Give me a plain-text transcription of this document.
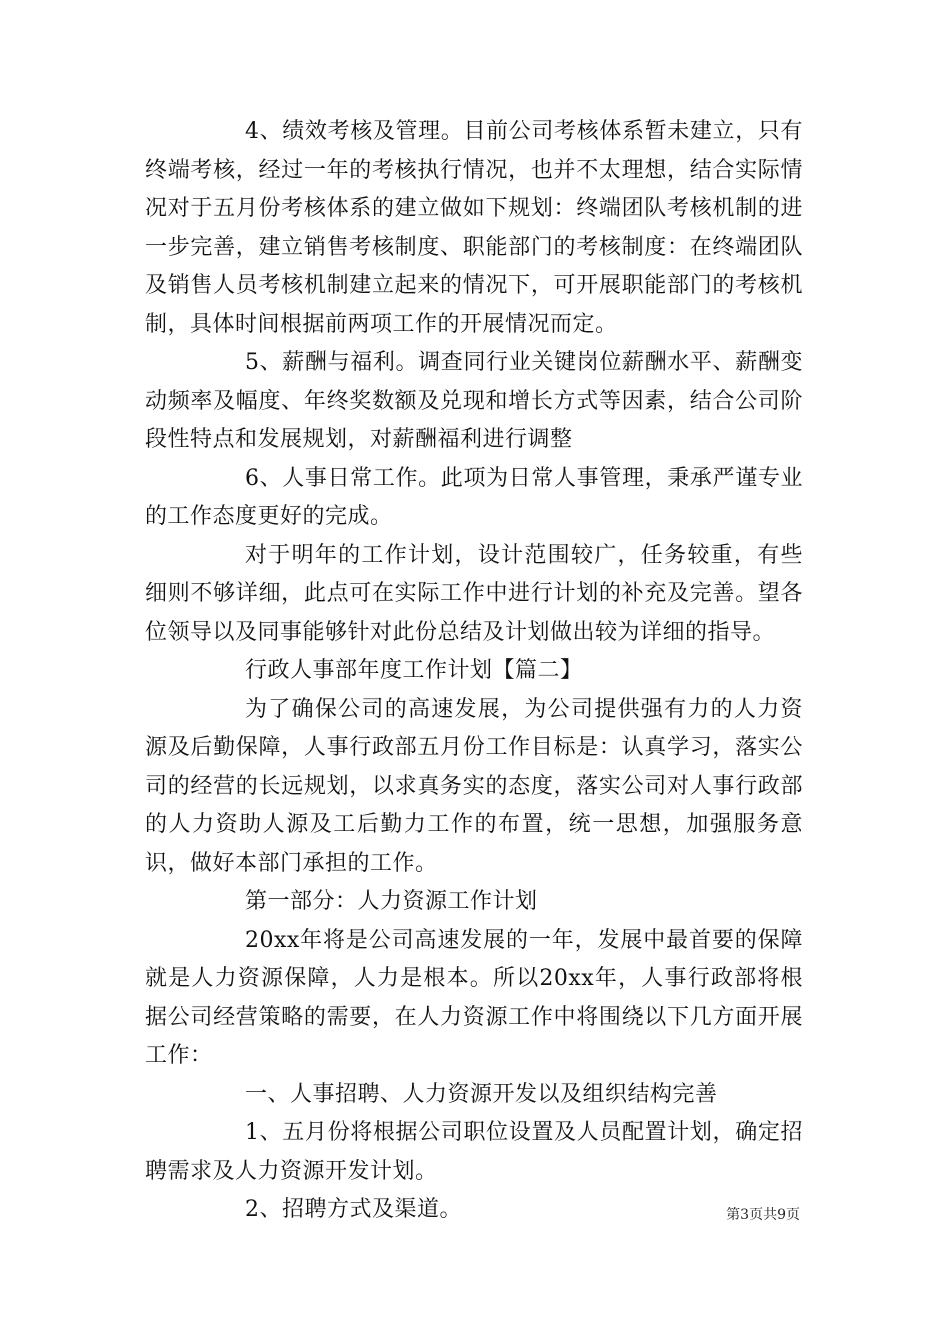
4、绩效考核及管理。目前公司考核体系暂未建立，只有终端考核，经过一年的考核执行情况，也并不太理想，结合实际情况对于五月份考核体系的建立做如下规划：终端团队考核机制的进一步完善，建立销售考核制度、职能部门的考核制度：在终端团队及销售人员考核机制建立起来的情况下，可开展职能部门的考核机制，具体时间根据前两项工作的开展情况而定。

5、薪酬与福利。调查同行业关键岗位薪酬水平、薪酬变动频率及幅度、年终奖数额及兑现和增长方式等因素，结合公司阶段性特点和发展规划，对薪酬福利进行调整

6、人事日常工作。此项为日常人事管理，秉承严谨专业的工作态度更好的完成。

对于明年的工作计划，设计范围较广，任务较重，有些细则不够详细，此点可在实际工作中进行计划的补充及完善。望各位领导以及同事能够针对此份总结及计划做出较为详细的指导。

行政人事部年度工作计划【篇二】

为了确保公司的高速发展，为公司提供强有力的人力资源及后勤保障，人事行政部五月份工作目标是：认真学习，落实公司的经营的长远规划，以求真务实的态度，落实公司对人事行政部的人力资助人源及工后勤力工作的布置，统一思想，加强服务意识，做好本部门承担的工作。

第一部分：人力资源工作计划

20xx年将是公司高速发展的一年，发展中最首要的保障就是人力资源保障，人力是根本。所以20xx年，人事行政部将根据公司经营策略的需要，在人力资源工作中将围绕以下几方面开展工作：

一、人事招聘、人力资源开发以及组织结构完善

1、五月份将根据公司职位设置及人员配置计划，确定招聘需求及人力资源开发计划。

2、招聘方式及渠道。	第3页共9页
